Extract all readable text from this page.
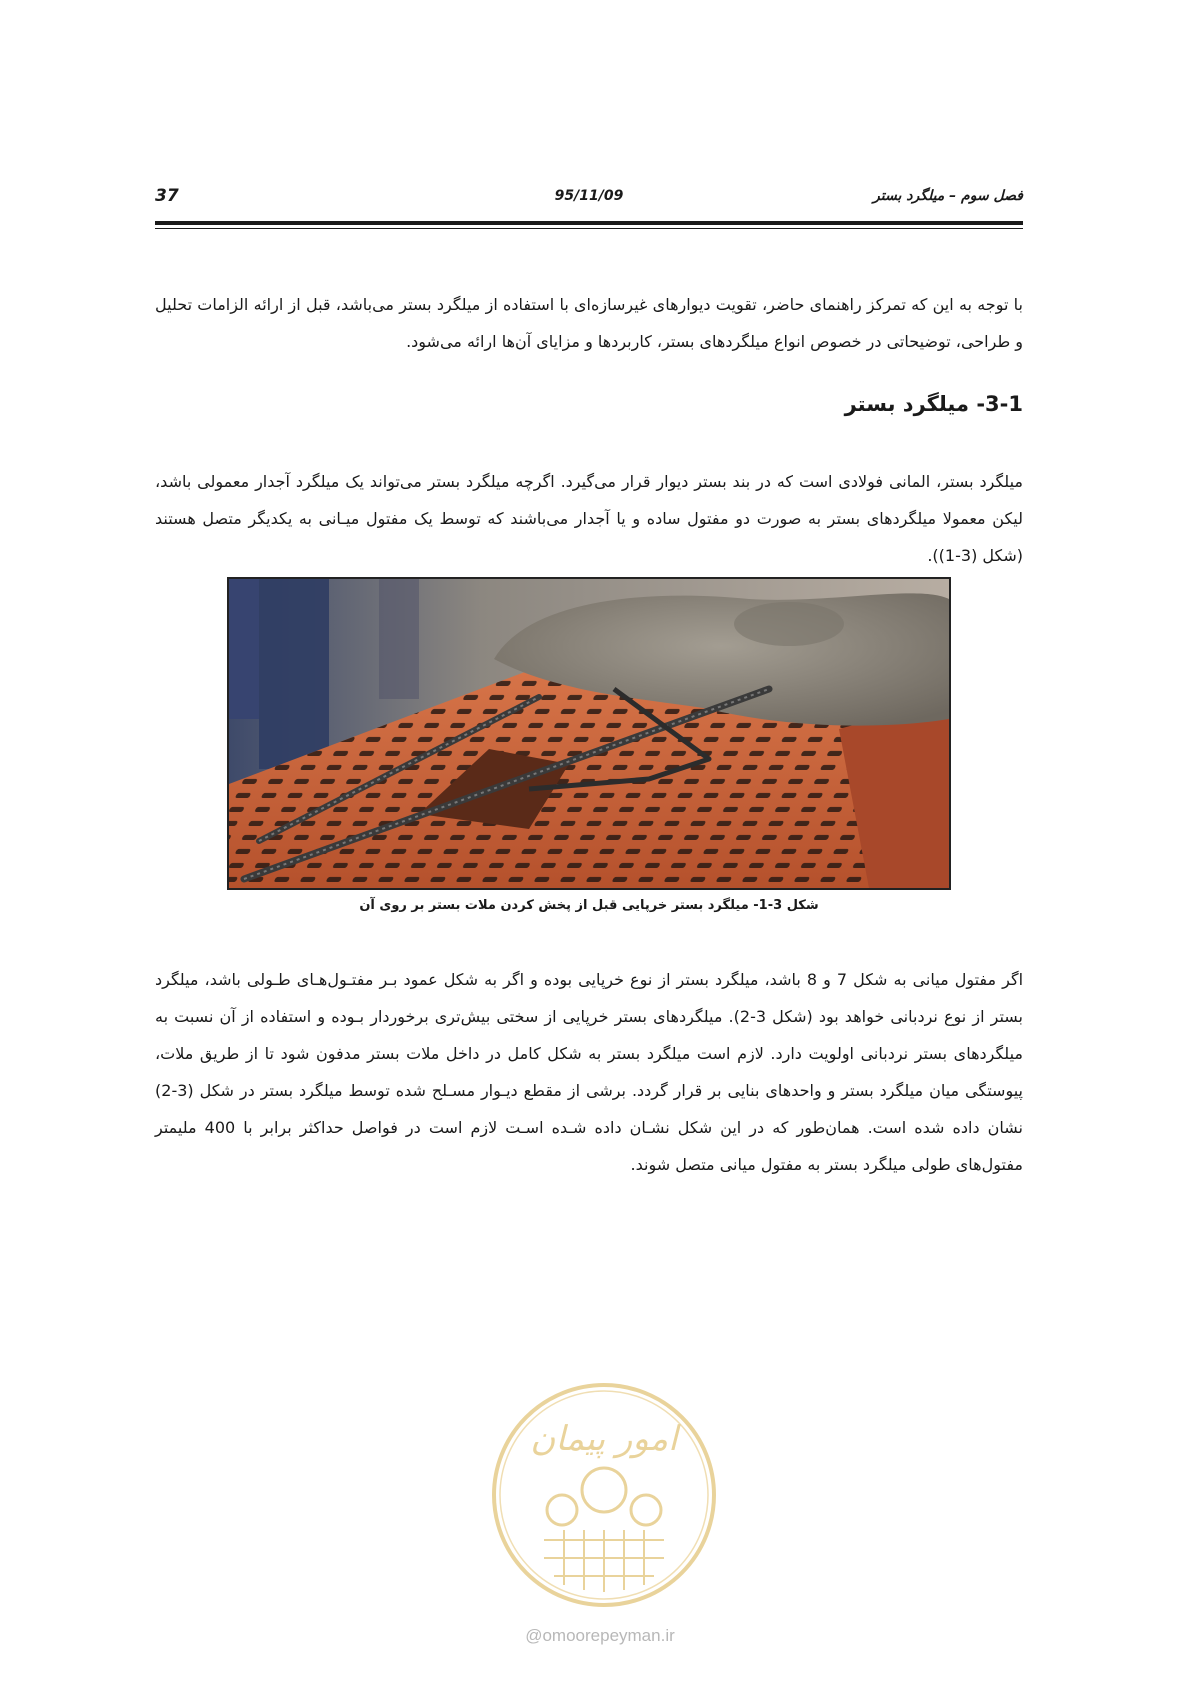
فصل سوم – میلگرد بستر
95/11/09
37

با توجه به این که تمرکز راهنمای حاضر، تقویت دیوارهای غیرسازه‌ای با استفاده از میلگرد بستر می‌باشد، قبل از ارائه الزامات تحلیل و طراحی، توضیحاتی در خصوص انواع میلگردهای بستر، کاربردها و مزایای آن‌ها ارائه می‌شود.

3-1- میلگرد بستر

میلگرد بستر، المانی فولادی است که در بند بستر دیوار قرار می‌گیرد. اگرچه میلگرد بستر می‌تواند یک میلگرد آجدار معمولی باشد، لیکن معمولا میلگردهای بستر به صورت دو مفتول ساده و یا آجدار می‌باشند که توسط یک مفتول میـانی به یکدیگر متصل هستند (شکل (3-1)).

شکل 3-1- میلگرد بستر خرپایی قبل از پخش کردن ملات بستر بر روی آن

اگر مفتول میانی به شکل 7 و 8 باشد، میلگرد بستر از نوع خرپایی بوده و اگر به شکل عمود بـر مفتـول‌هـای طـولی باشد، میلگرد بستر از نوع نردبانی خواهد بود (شکل 3-2). میلگردهای بستر خرپایی از سختی بیش‌تری برخوردار بـوده و استفاده از آن نسبت به میلگردهای بستر نردبانی اولویت دارد. لازم است میلگرد بستر به شکل کامل در داخل ملات بستر مدفون شود تا از طریق ملات، پیوستگی میان میلگرد بستر و واحدهای بنایی بر قرار گردد. برشی از مقطع دیـوار مسـلح شده توسط میلگرد بستر در شکل (3-2) نشان داده شده است. همان‌طور که در این شکل نشـان داده شـده اسـت لازم است در فواصل حداکثر برابر با 400 ملیمتر مفتول‌های طولی میلگرد بستر به مفتول میانی متصل شوند.

امور پیمان
@omoorepeyman.ir
